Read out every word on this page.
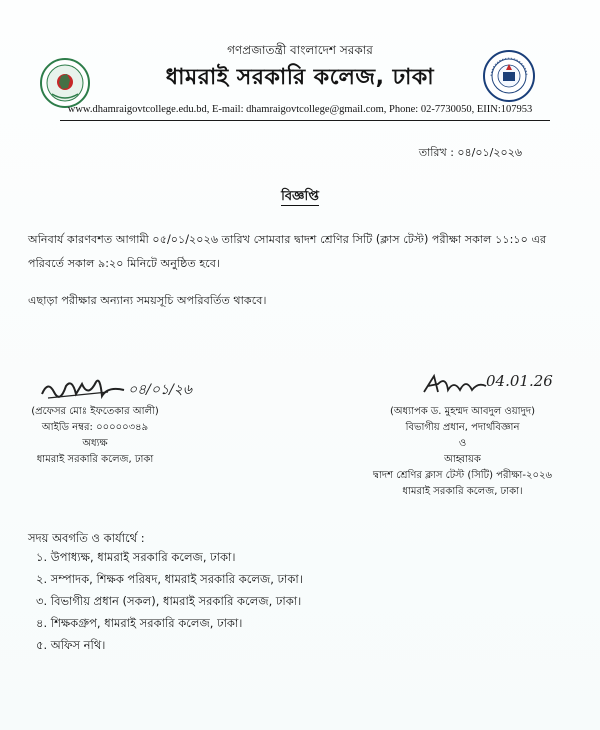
গণপ্রজাতন্ত্রী বাংলাদেশ সরকার
ধামরাই সরকারি কলেজ, ঢাকা
www.dhamraigovtcollege.edu.bd, E-mail: dhamraigovtcollege@gmail.com, Phone: 02-7730050, EIIN:107953
তারিখ : ০৪/০১/২০২৬
বিজ্ঞপ্তি
অনিবার্য কারণবশত আগামী ০৫/০১/২০২৬ তারিখ সোমবার দ্বাদশ শ্রেণির সিটি (ক্লাস টেস্ট) পরীক্ষা সকাল ১১:১০ এর পরিবর্তে সকাল ৯:২০ মিনিটে অনুষ্ঠিত হবে।
এছাড়া পরীক্ষার অন্যান্য সময়সূচি অপরিবর্তিত থাকবে।
০৪/০১/২৬
(প্রফেসর মোঃ ইফতেকার আলী)
আইডি নম্বর: ০০০০০৩৪৯
অধ্যক্ষ
ধামরাই সরকারি কলেজ, ঢাকা
04.01.26
(অধ্যাপক ড. মুহম্মদ আবদুল ওয়াদুদ)
বিভাগীয় প্রধান, পদার্থবিজ্ঞান
ও
আহ্বায়ক
দ্বাদশ শ্রেণির ক্লাস টেস্ট (সিটি) পরীক্ষা-২০২৬
ধামরাই সরকারি কলেজ, ঢাকা।
সদয় অবগতি ও কার্যার্থে :
১. উপাধ্যক্ষ, ধামরাই সরকারি কলেজ, ঢাকা।
২. সম্পাদক, শিক্ষক পরিষদ, ধামরাই সরকারি কলেজ, ঢাকা।
৩. বিভাগীয় প্রধান (সকল), ধামরাই সরকারি কলেজ, ঢাকা।
৪. শিক্ষকগ্রুপ, ধামরাই সরকারি কলেজ, ঢাকা।
৫. অফিস নথি।
